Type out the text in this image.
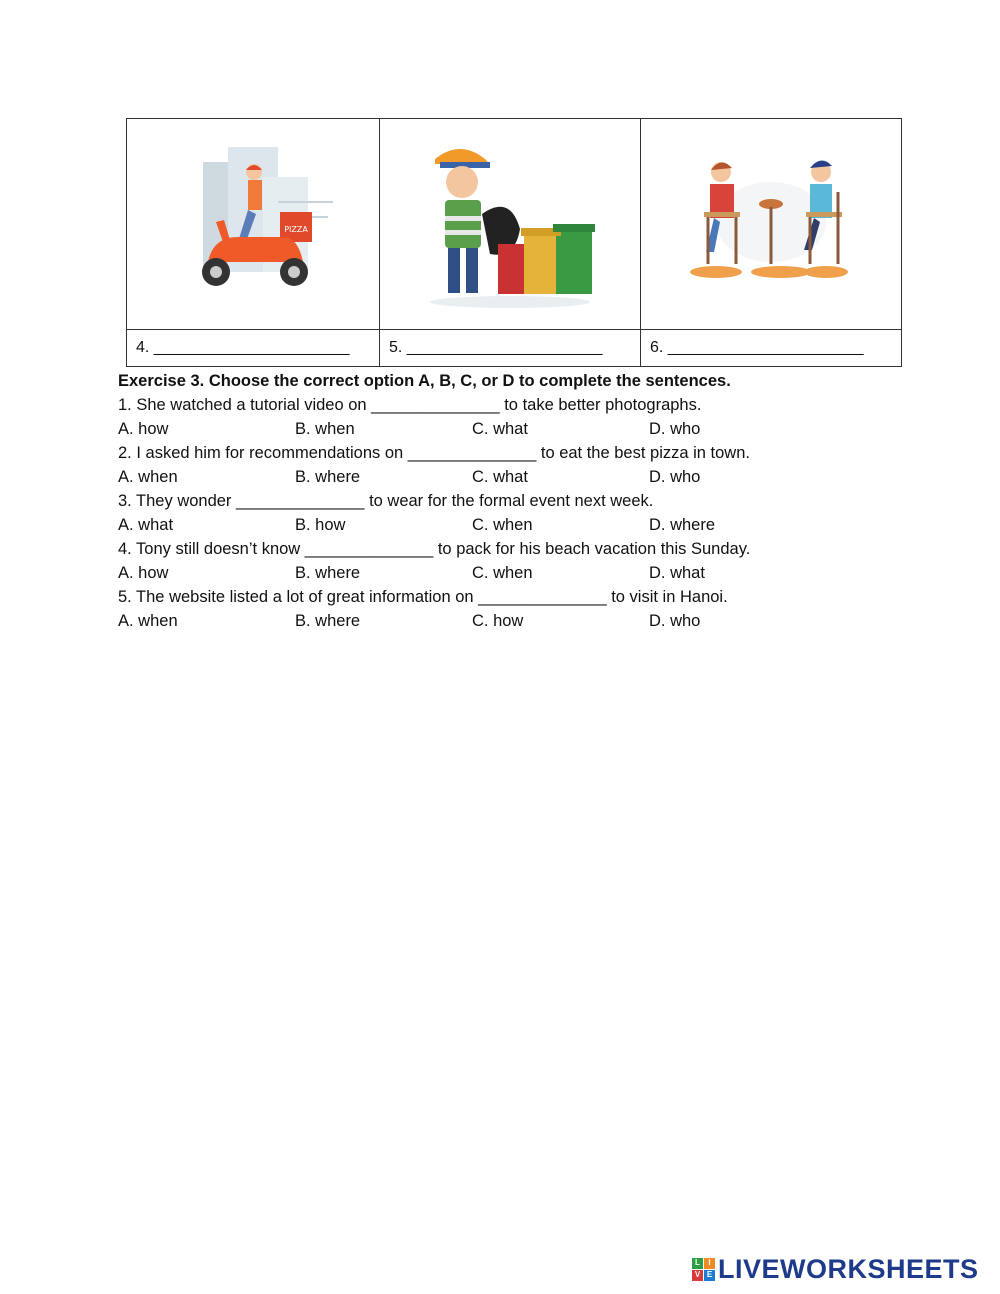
PIZZA

4. ______________________	5. ______________________	6. ______________________
Exercise 3. Choose the correct option A, B, C, or D to complete the sentences.
1. She watched a tutorial video on ______________ to take better photographs.
A. how	B. when	C. what	D. who
2. I asked him for recommendations on ______________ to eat the best pizza in town.
A. when	B. where	C. what	D. who
3. They wonder ______________ to wear for the formal event next week.
A. what	B. how	C. when	D. where
4. Tony still doesn’t know ______________ to pack for his beach vacation this Sunday.
A. how	B. where	C. when	D. what
5. The website listed a lot of great information on ______________ to visit in Hanoi.
A. when	B. where	C. how	D. who
L	I
V E LIVEWORKSHEETS
